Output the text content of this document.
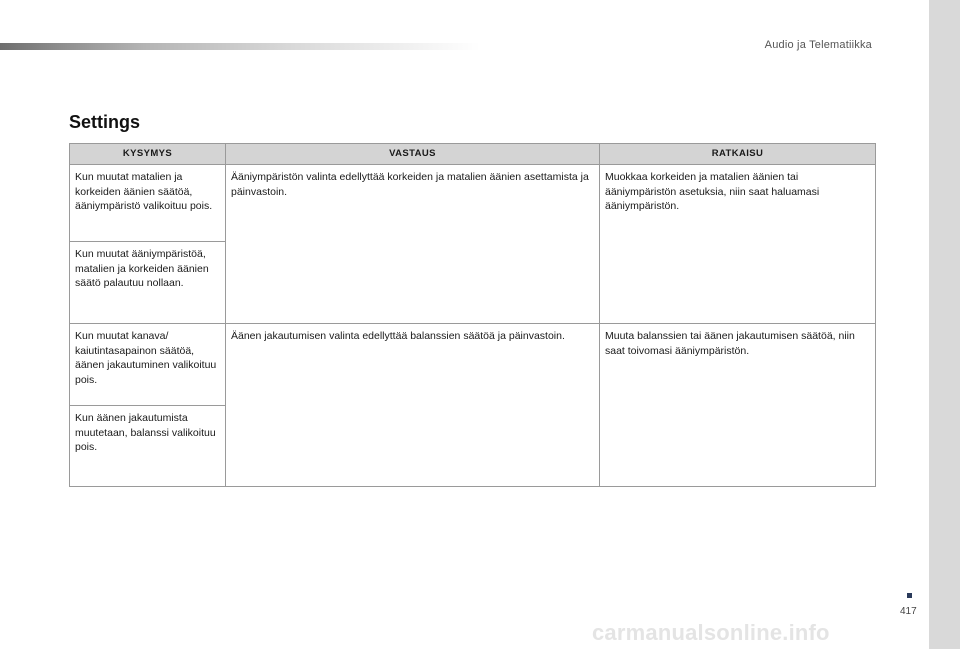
Audio ja Telematiikka
Settings
KYSYMYS	VASTAUS	RATKAISU
Kun muutat matalien ja korkeiden äänien säätöä, ääniympäristö valikoituu pois.	Ääniympäristön valinta edellyttää korkeiden ja matalien äänien asettamista ja päinvastoin.	Muokkaa korkeiden ja matalien äänien tai ääniympäristön asetuksia, niin saat haluamasi ääniympäristön.
Kun muutat ääniympäristöä, matalien ja korkeiden äänien säätö palautuu nollaan.		
Kun muutat kanava/ kaiutintasapainon säätöä, äänen jakautuminen valikoituu pois.	Äänen jakautumisen valinta edellyttää balanssien säätöä ja päinvastoin.	Muuta balanssien tai äänen jakautumisen säätöä, niin saat toivomasi ääniympäristön.
Kun äänen jakautumista muutetaan, balanssi valikoituu pois.		
417
carmanualsonline.info
